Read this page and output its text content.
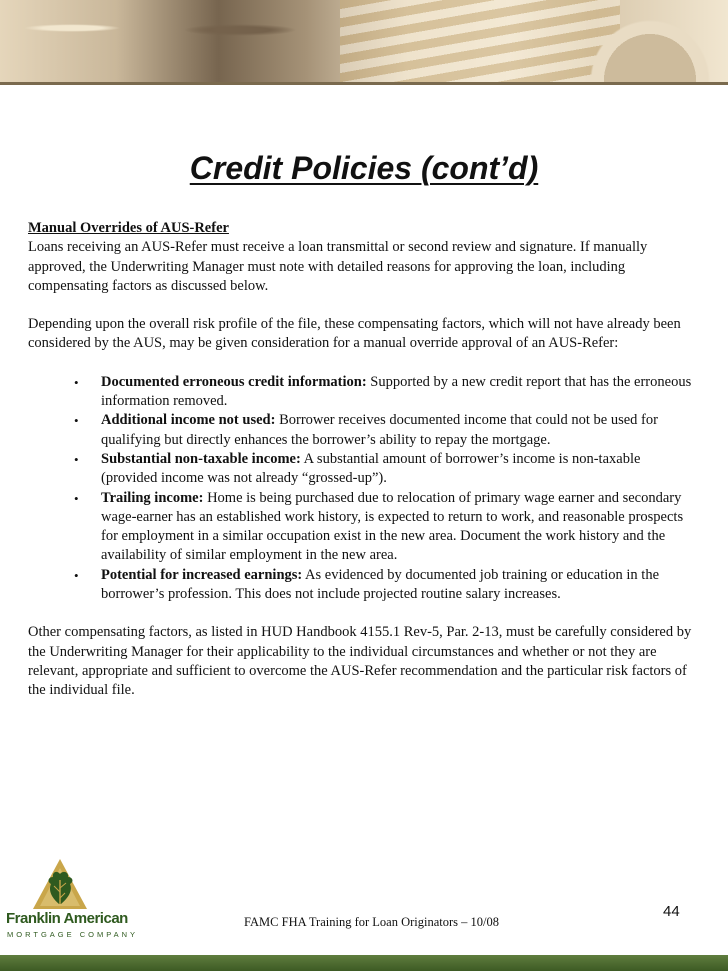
Credit Policies (cont’d)

Manual Overrides of AUS-Refer
Loans receiving an AUS-Refer must receive a loan transmittal or second review and signature. If manually approved, the Underwriting Manager must note with detailed reasons for approving the loan, including compensating factors as discussed below.

Depending upon the overall risk profile of the file, these compensating factors, which will not have already been considered by the AUS, may be given consideration for a manual override approval of an AUS-Refer:

• Documented erroneous credit information: Supported by a new credit report that has the erroneous information removed.
• Additional income not used: Borrower receives documented income that could not be used for qualifying but directly enhances the borrower’s ability to repay the mortgage.
• Substantial non-taxable income: A substantial amount of borrower’s income is non-taxable (provided income was not already “grossed-up”).
• Trailing income: Home is being purchased due to relocation of primary wage earner and secondary wage-earner has an established work history, is expected to return to work, and reasonable prospects for employment in a similar occupation exist in the new area. Document the work history and the availability of similar employment in the new area.
• Potential for increased earnings: As evidenced by documented job training or education in the borrower’s profession. This does not include projected routine salary increases.

Other compensating factors, as listed in HUD Handbook 4155.1 Rev-5, Par. 2-13, must be carefully considered by the Underwriting Manager for their applicability to the individual circumstances and whether or not they are relevant, appropriate and sufficient to overcome the AUS-Refer recommendation and the particular risk factors of the individual file.

Franklin American
MORTGAGE COMPANY
FAMC FHA Training for Loan Originators – 10/08
44
